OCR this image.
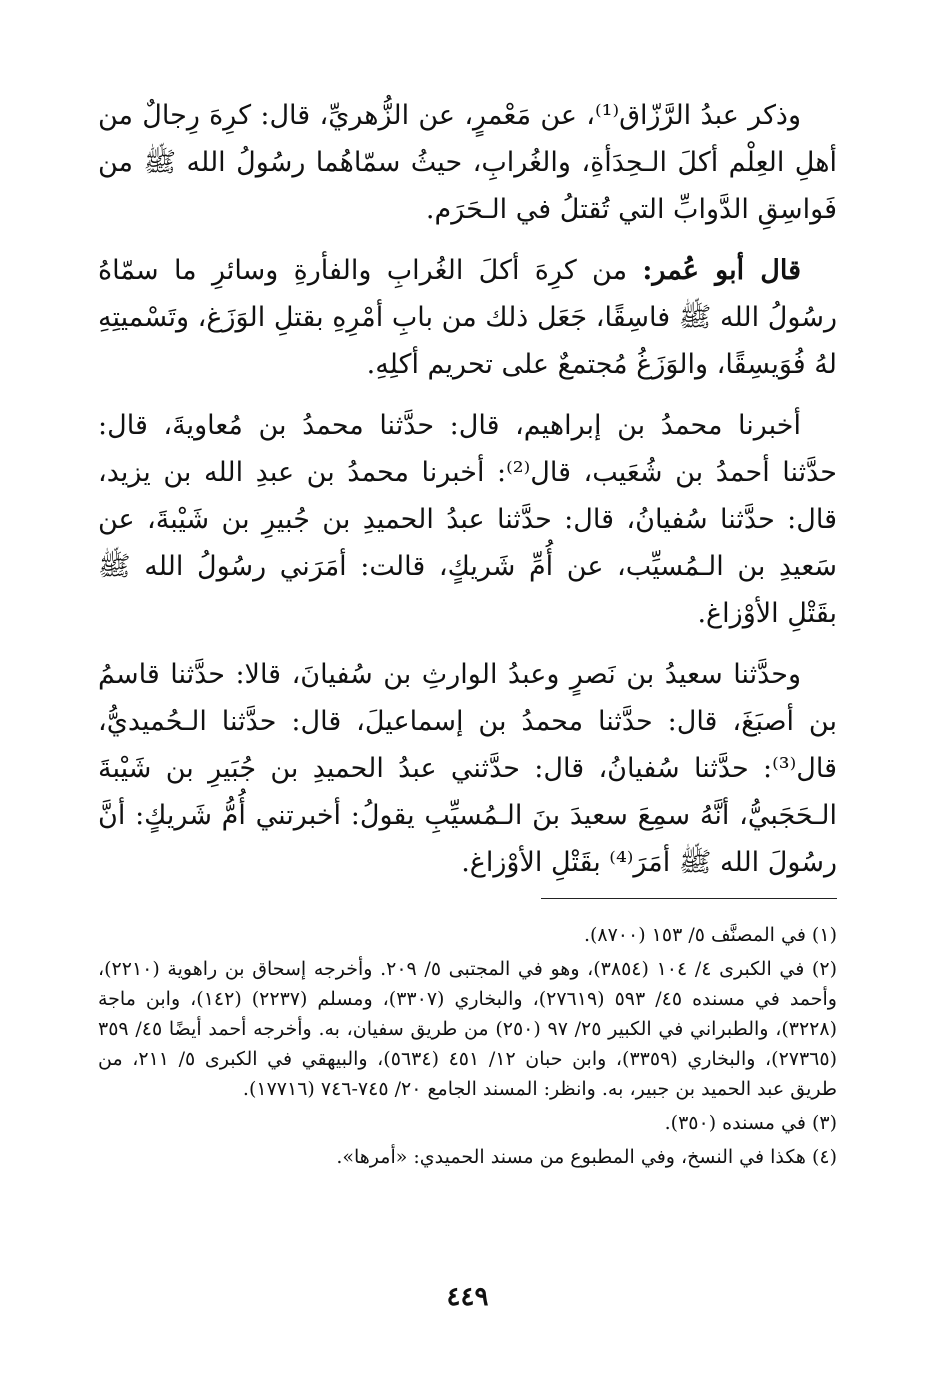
وذكر عبدُ الرَّزّاق⁽¹⁾، عن مَعْمرٍ، عن الزُّهريِّ، قال: كرِهَ رِجالٌ من أهلِ العِلْم أكلَ الـحِدَأةِ، والغُرابِ، حيثُ سمّاهُما رسُولُ الله ﷺ من فَواسِقِ الدَّوابِّ التي تُقتلُ في الـحَرَم.

قال أبو عُمر: من كرِهَ أكلَ الغُرابِ والفأرةِ وسائرِ ما سمّاهُ رسُولُ الله ﷺ فاسِقًا، جَعَل ذلك من بابِ أمْرِهِ بقتلِ الوَزَغ، وتَسْميتِهِ لهُ فُوَيسِقًا، والوَزَغُ مُجتمعٌ على تحريم أكلِهِ.

أخبرنا محمدُ بن إبراهيم، قال: حدَّثنا محمدُ بن مُعاويةَ، قال: حدَّثنا أحمدُ بن شُعَيب، قال⁽²⁾: أخبرنا محمدُ بن عبدِ الله بن يزيد، قال: حدَّثنا سُفيانُ، قال: حدَّثنا عبدُ الحميدِ بن جُبيرِ بن شَيْبةَ، عن سَعيدِ بن الـمُسيِّب، عن أُمِّ شَريكٍ، قالت: أمَرَني رسُولُ الله ﷺ بقَتْلِ الأوْزاغ.

وحدَّثنا سعيدُ بن نَصرٍ وعبدُ الوارثِ بن سُفيانَ، قالا: حدَّثنا قاسمُ بن أصبَغَ، قال: حدَّثنا محمدُ بن إسماعيلَ، قال: حدَّثنا الـحُميديُّ، قال⁽³⁾: حدَّثنا سُفيانُ، قال: حدَّثني عبدُ الحميدِ بن جُبَيرِ بن شَيْبةَ الـحَجَبيُّ، أنَّهُ سمِعَ سعيدَ بنَ الـمُسيِّبِ يقولُ: أخبرتني أُمُّ شَريكٍ: أنَّ رسُولَ الله ﷺ أمَرَ⁽⁴⁾ بقَتْلِ الأوْزاغ.

(١) في المصنَّف ٥/ ١٥٣ (٨٧٠٠).

(٢) في الكبرى ٤/ ١٠٤ (٣٨٥٤)، وهو في المجتبى ٥/ ٢٠٩. وأخرجه إسحاق بن راهوية (٢٢١٠)، وأحمد في مسنده ٤٥/ ٥٩٣ (٢٧٦١٩)، والبخاري (٣٣٠٧)، ومسلم (٢٢٣٧) (١٤٢)، وابن ماجة (٣٢٢٨)، والطبراني في الكبير ٢٥/ ٩٧ (٢٥٠) من طريق سفيان، به. وأخرجه أحمد أيضًا ٤٥/ ٣٥٩ (٢٧٣٦٥)، والبخاري (٣٣٥٩)، وابن حبان ١٢/ ٤٥١ (٥٦٣٤)، والبيهقي في الكبرى ٥/ ٢١١، من طريق عبد الحميد بن جبير، به. وانظر: المسند الجامع ٢٠/ ٧٤٥-٧٤٦ (١٧٧١٦).

(٣) في مسنده (٣٥٠).

(٤) هكذا في النسخ، وفي المطبوع من مسند الحميدي: «أمرها».

٤٤٩
